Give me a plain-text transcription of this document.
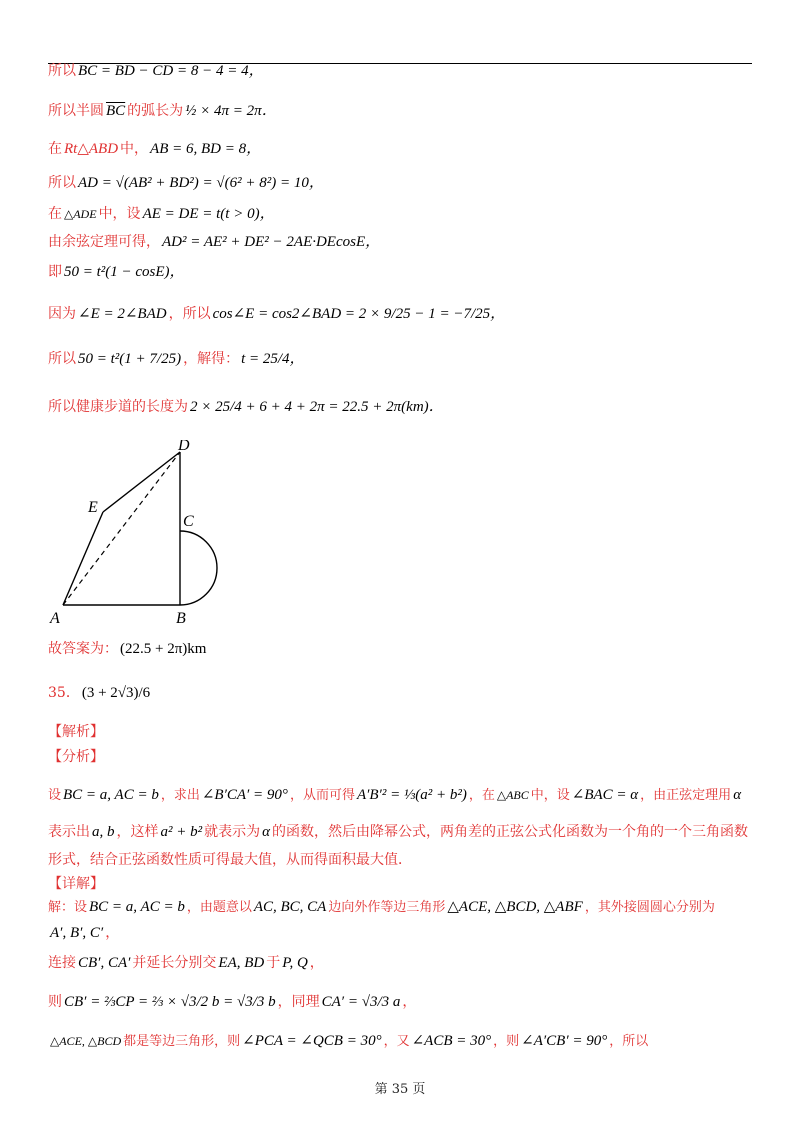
所以 BC = BD − CD = 8 − 4 = 4，
所以半圆 $\overline{BC}$ 的弧长为 ½ × 4π = 2π．
在 Rt△ABD 中， AB = 6, BD = 8，
所以 AD = √(AB² + BD²) = √(6² + 8²) = 10，
在 △ADE 中，设 AE = DE = t(t > 0)，
由余弦定理可得， AD² = AE² + DE² − 2AE·DEcosE，
即 50 = t²(1 − cosE)，
因为 ∠E = 2∠BAD ，所以 cos∠E = cos2∠BAD = 2 × 9/25 − 1 = −7/25，
所以 50 = t²(1 + 7/25) ，解得： t = 25/4，
所以健康步道的长度为 2 × 25/4 + 6 + 4 + 2π = 22.5 + 2π(km)．
D
E
C
A	B
故答案为： (22.5 + 2π)km
35． (3 + 2√3)/6
【解析】
【分析】
设 BC = a, AC = b ，求出 ∠B′CA′ = 90° ，从而可得 A′B′² = ⅓(a² + b²) ，在 △ABC 中，设 ∠BAC = α ，由正弦定理用 α
表示出 a, b ，这样 a² + b² 就表示为 α 的函数，然后由降幂公式，两角差的正弦公式化函数为一个角的一个三角函数
形式，结合正弦函数性质可得最大值，从而得面积最大值．
【详解】
解：设 BC = a, AC = b ，由题意以 AC, BC, CA 边向外作等边三角形 △ACE, △BCD, △ABF ，其外接圆圆心分别为
A′, B′, C′ ，
连接 CB′, CA′ 并延长分别交 EA, BD 于 P, Q ，
则 CB′ = ⅔CP = ⅔ × √3/2 b = √3/3 b ，同理 CA′ = √3/3 a ，
△ACE, △BCD 都是等边三角形，则 ∠PCA = ∠QCB = 30° ，又 ∠ACB = 30° ，则 ∠A′CB′ = 90° ，所以
第 35 页
